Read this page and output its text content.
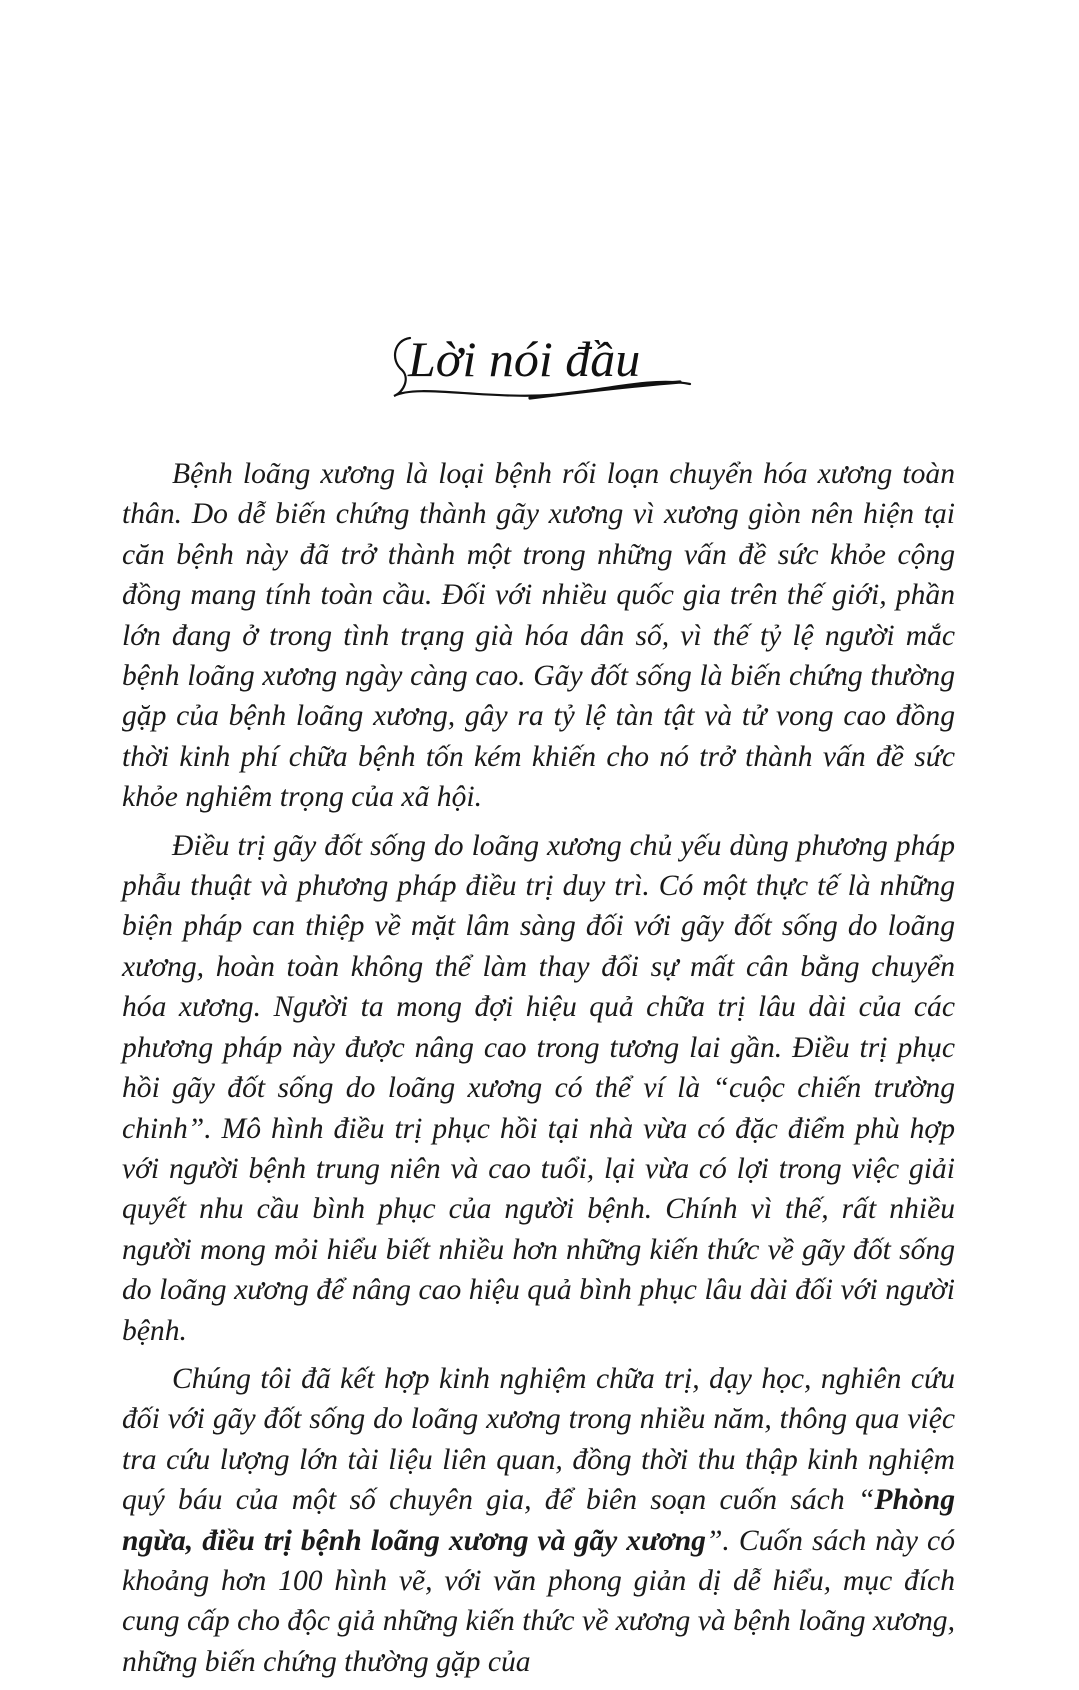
Lời nói đầu

Bệnh loãng xương là loại bệnh rối loạn chuyển hóa xương toàn thân. Do dễ biến chứng thành gãy xương vì xương giòn nên hiện tại căn bệnh này đã trở thành một trong những vấn đề sức khỏe cộng đồng mang tính toàn cầu. Đối với nhiều quốc gia trên thế giới, phần lớn đang ở trong tình trạng già hóa dân số, vì thế tỷ lệ người mắc bệnh loãng xương ngày càng cao. Gãy đốt sống là biến chứng thường gặp của bệnh loãng xương, gây ra tỷ lệ tàn tật và tử vong cao đồng thời kinh phí chữa bệnh tốn kém khiến cho nó trở thành vấn đề sức khỏe nghiêm trọng của xã hội.

Điều trị gãy đốt sống do loãng xương chủ yếu dùng phương pháp phẫu thuật và phương pháp điều trị duy trì. Có một thực tế là những biện pháp can thiệp về mặt lâm sàng đối với gãy đốt sống do loãng xương, hoàn toàn không thể làm thay đổi sự mất cân bằng chuyển hóa xương. Người ta mong đợi hiệu quả chữa trị lâu dài của các phương pháp này được nâng cao trong tương lai gần. Điều trị phục hồi gãy đốt sống do loãng xương có thể ví là “cuộc chiến trường chinh”. Mô hình điều trị phục hồi tại nhà vừa có đặc điểm phù hợp với người bệnh trung niên và cao tuổi, lại vừa có lợi trong việc giải quyết nhu cầu bình phục của người bệnh. Chính vì thế, rất nhiều người mong mỏi hiểu biết nhiều hơn những kiến thức về gãy đốt sống do loãng xương để nâng cao hiệu quả bình phục lâu dài đối với người bệnh.

Chúng tôi đã kết hợp kinh nghiệm chữa trị, dạy học, nghiên cứu đối với gãy đốt sống do loãng xương trong nhiều năm, thông qua việc tra cứu lượng lớn tài liệu liên quan, đồng thời thu thập kinh nghiệm quý báu của một số chuyên gia, để biên soạn cuốn sách “Phòng ngừa, điều trị bệnh loãng xương và gãy xương”. Cuốn sách này có khoảng hơn 100 hình vẽ, với văn phong giản dị dễ hiểu, mục đích cung cấp cho độc giả những kiến thức về xương và bệnh loãng xương, những biến chứng thường gặp của
